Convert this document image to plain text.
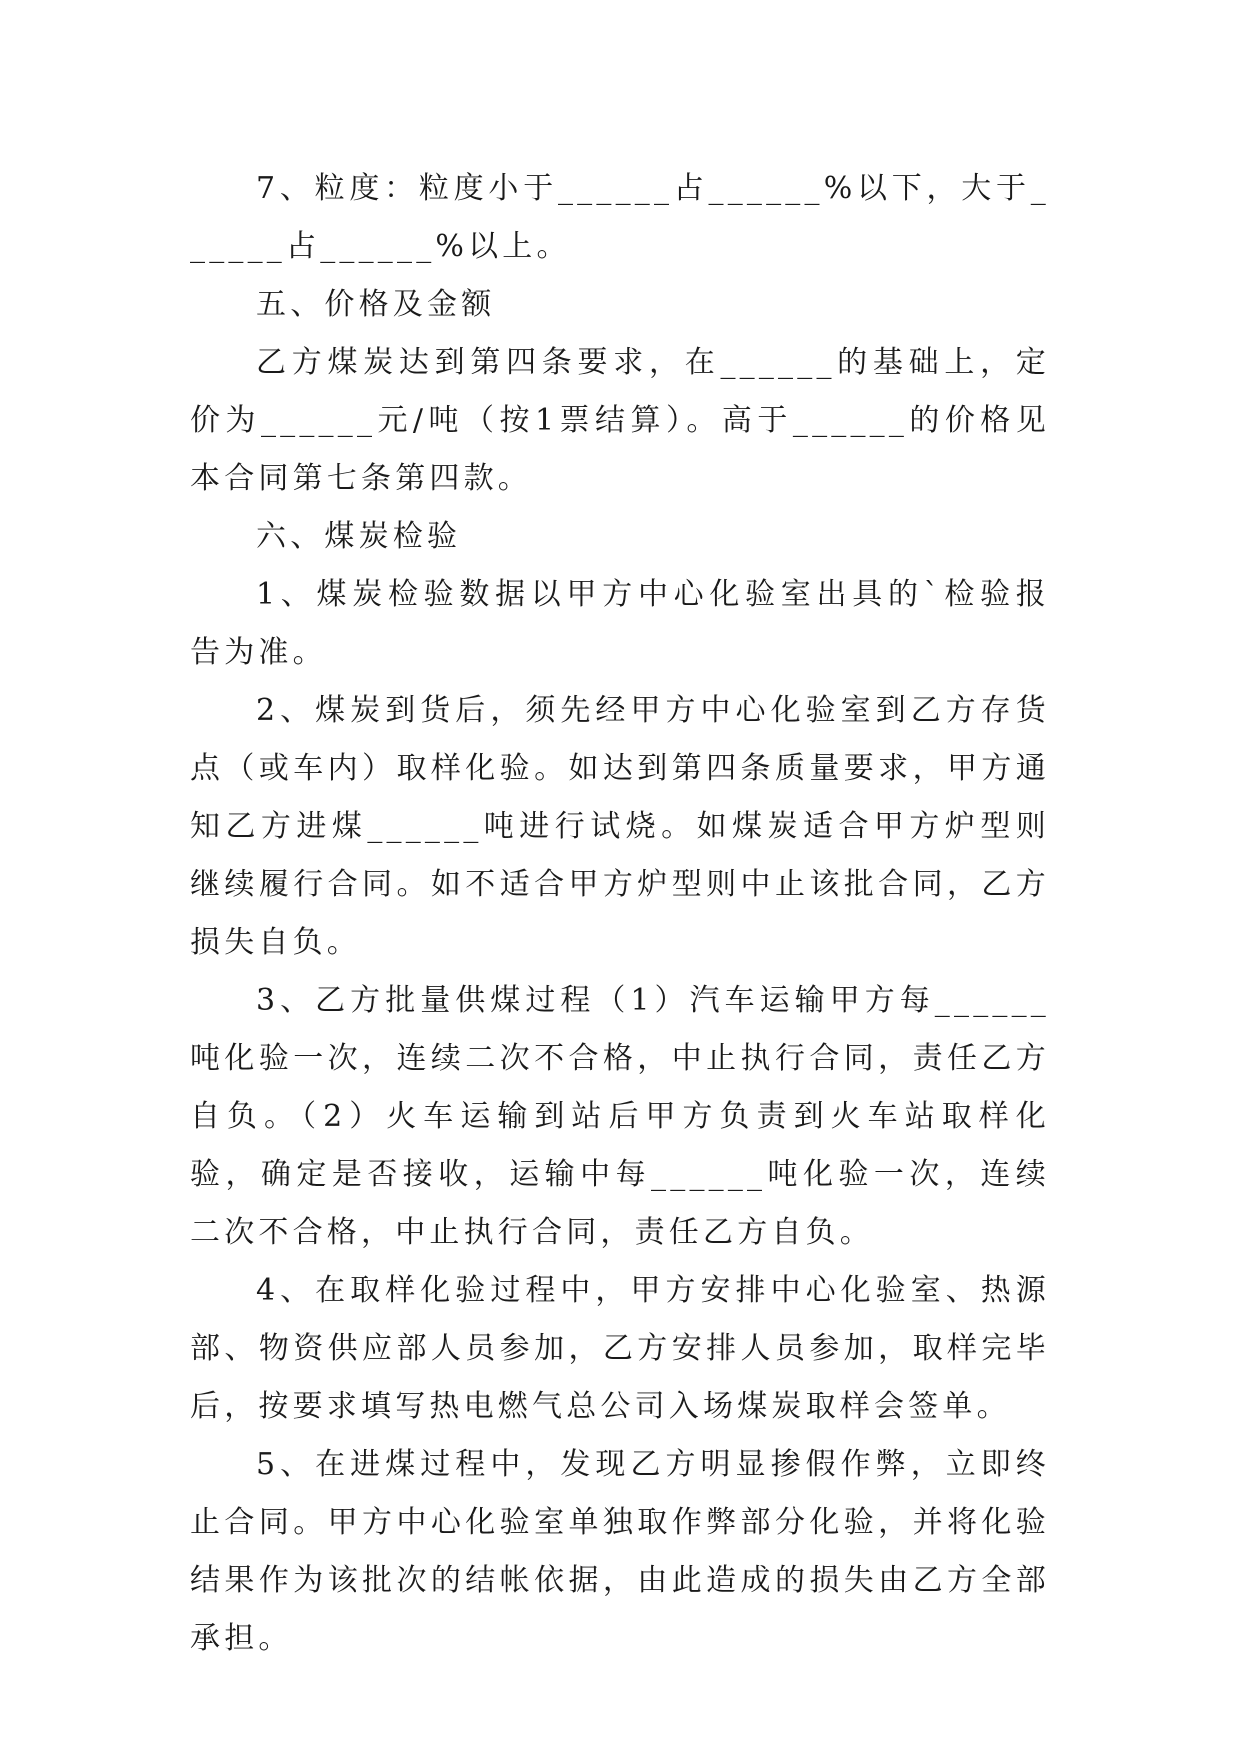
7、粒度：粒度小于______占______%以下，大于______占______%以上。

五、价格及金额

乙方煤炭达到第四条要求，在______的基础上，定价为______元/吨（按1票结算）。高于______的价格见本合同第七条第四款。

六、煤炭检验

1、煤炭检验数据以甲方中心化验室出具的`检验报告为准。

2、煤炭到货后，须先经甲方中心化验室到乙方存货点（或车内）取样化验。如达到第四条质量要求，甲方通知乙方进煤______吨进行试烧。如煤炭适合甲方炉型则继续履行合同。如不适合甲方炉型则中止该批合同，乙方损失自负。

3、乙方批量供煤过程（1）汽车运输甲方每______吨化验一次，连续二次不合格，中止执行合同，责任乙方自负。（2）火车运输到站后甲方负责到火车站取样化验，确定是否接收，运输中每______吨化验一次，连续二次不合格，中止执行合同，责任乙方自负。

4、在取样化验过程中，甲方安排中心化验室、热源部、物资供应部人员参加，乙方安排人员参加，取样完毕后，按要求填写热电燃气总公司入场煤炭取样会签单。

5、在进煤过程中，发现乙方明显掺假作弊，立即终止合同。甲方中心化验室单独取作弊部分化验，并将化验结果作为该批次的结帐依据，由此造成的损失由乙方全部承担。
